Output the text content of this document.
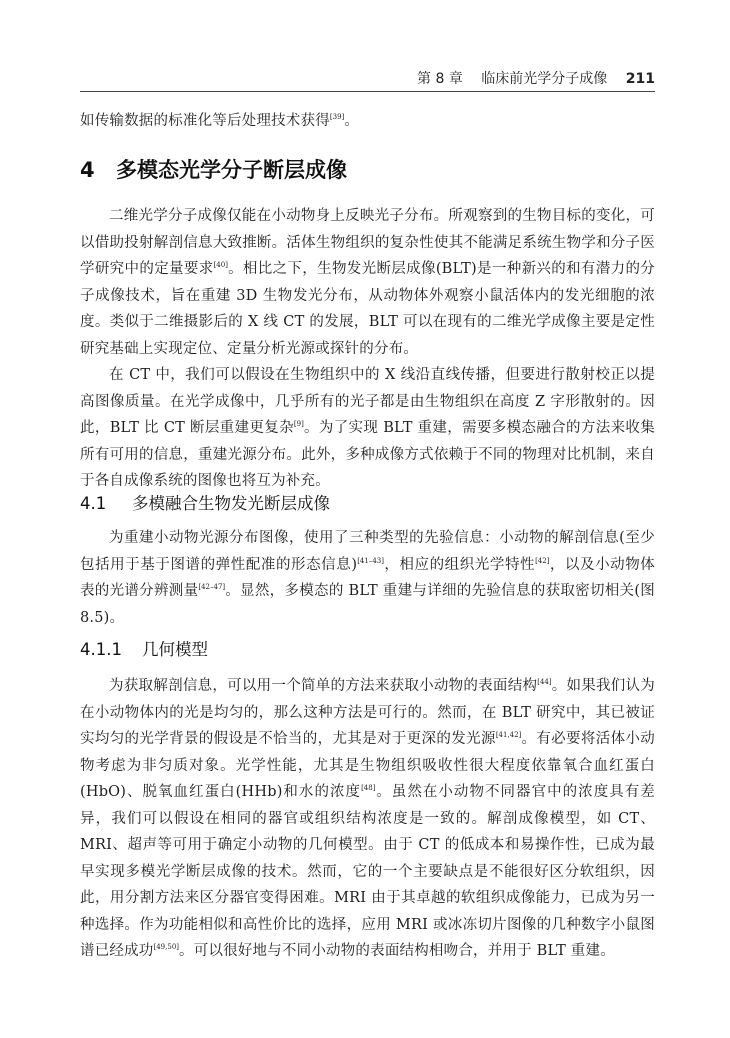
第 8 章 临床前光学分子成像 211

如传输数据的标准化等后处理技术获得[39]。

4 多模态光学分子断层成像

二维光学分子成像仅能在小动物身上反映光子分布。所观察到的生物目标的变化，可以借助投射解剖信息大致推断。活体生物组织的复杂性使其不能满足系统生物学和分子医学研究中的定量要求[40]。相比之下，生物发光断层成像(BLT)是一种新兴的和有潜力的分子成像技术，旨在重建 3D 生物发光分布，从动物体外观察小鼠活体内的发光细胞的浓度。类似于二维摄影后的 X 线 CT 的发展，BLT 可以在现有的二维光学成像主要是定性研究基础上实现定位、定量分析光源或探针的分布。

在 CT 中，我们可以假设在生物组织中的 X 线沿直线传播，但要进行散射校正以提高图像质量。在光学成像中，几乎所有的光子都是由生物组织在高度 Z 字形散射的。因此，BLT 比 CT 断层重建更复杂[9]。为了实现 BLT 重建，需要多模态融合的方法来收集所有可用的信息，重建光源分布。此外，多种成像方式依赖于不同的物理对比机制，来自于各自成像系统的图像也将互为补充。

4.1 多模融合生物发光断层成像

为重建小动物光源分布图像，使用了三种类型的先验信息：小动物的解剖信息(至少包括用于基于图谱的弹性配准的形态信息)[41–43]，相应的组织光学特性[42]，以及小动物体表的光谱分辨测量[42–47]。显然，多模态的 BLT 重建与详细的先验信息的获取密切相关(图 8.5)。

4.1.1 几何模型

为获取解剖信息，可以用一个简单的方法来获取小动物的表面结构[44]。如果我们认为在小动物体内的光是均匀的，那么这种方法是可行的。然而，在 BLT 研究中，其已被证实均匀的光学背景的假设是不恰当的，尤其是对于更深的发光源[41,42]。有必要将活体小动物考虑为非匀质对象。光学性能，尤其是生物组织吸收性很大程度依靠氧合血红蛋白(HbO)、脱氧血红蛋白(HHb)和水的浓度[48]。虽然在小动物不同器官中的浓度具有差异，我们可以假设在相同的器官或组织结构浓度是一致的。解剖成像模型，如 CT、MRI、超声等可用于确定小动物的几何模型。由于 CT 的低成本和易操作性，已成为最早实现多模光学断层成像的技术。然而，它的一个主要缺点是不能很好区分软组织，因此，用分割方法来区分器官变得困难。MRI 由于其卓越的软组织成像能力，已成为另一种选择。作为功能相似和高性价比的选择，应用 MRI 或冰冻切片图像的几种数字小鼠图谱已经成功[49,50]。可以很好地与不同小动物的表面结构相吻合，并用于 BLT 重建。
